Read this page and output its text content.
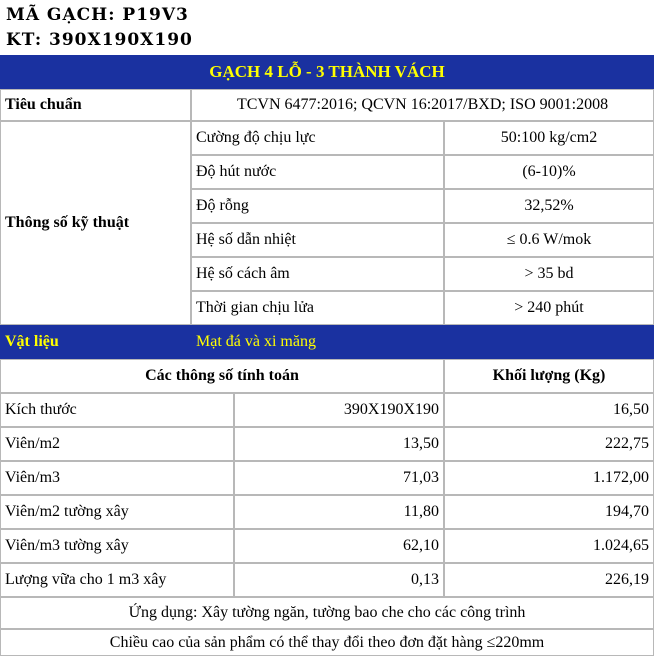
MÃ GẠCH: P19V3
KT: 390X190X190
GẠCH 4 LỖ - 3 THÀNH VÁCH
Tiêu chuẩn	TCVN 6477:2016; QCVN 16:2017/BXD; ISO 9001:2008
Thông số kỹ thuật
Cường độ chịu lực	50:100 kg/cm2
Độ hút nước	(6-10)%
Độ rỗng	32,52%
Hệ số dẫn nhiệt	≤ 0.6 W/mok
Hệ số cách âm	> 35 bd
Thời gian chịu lửa	> 240 phút
Vật liệu	Mạt đá và xi măng
Các thông số tính toán	Khối lượng (Kg)
Kích thước	390X190X190	16,50
Viên/m2	13,50	222,75
Viên/m3	71,03	1.172,00
Viên/m2 tường xây	11,80	194,70
Viên/m3 tường xây	62,10	1.024,65
Lượng vữa cho 1 m3 xây	0,13	226,19
Ứng dụng: Xây tường ngăn, tường bao che cho các công trình
Chiều cao của sản phẩm có thể thay đổi theo đơn đặt hàng ≤220mm
